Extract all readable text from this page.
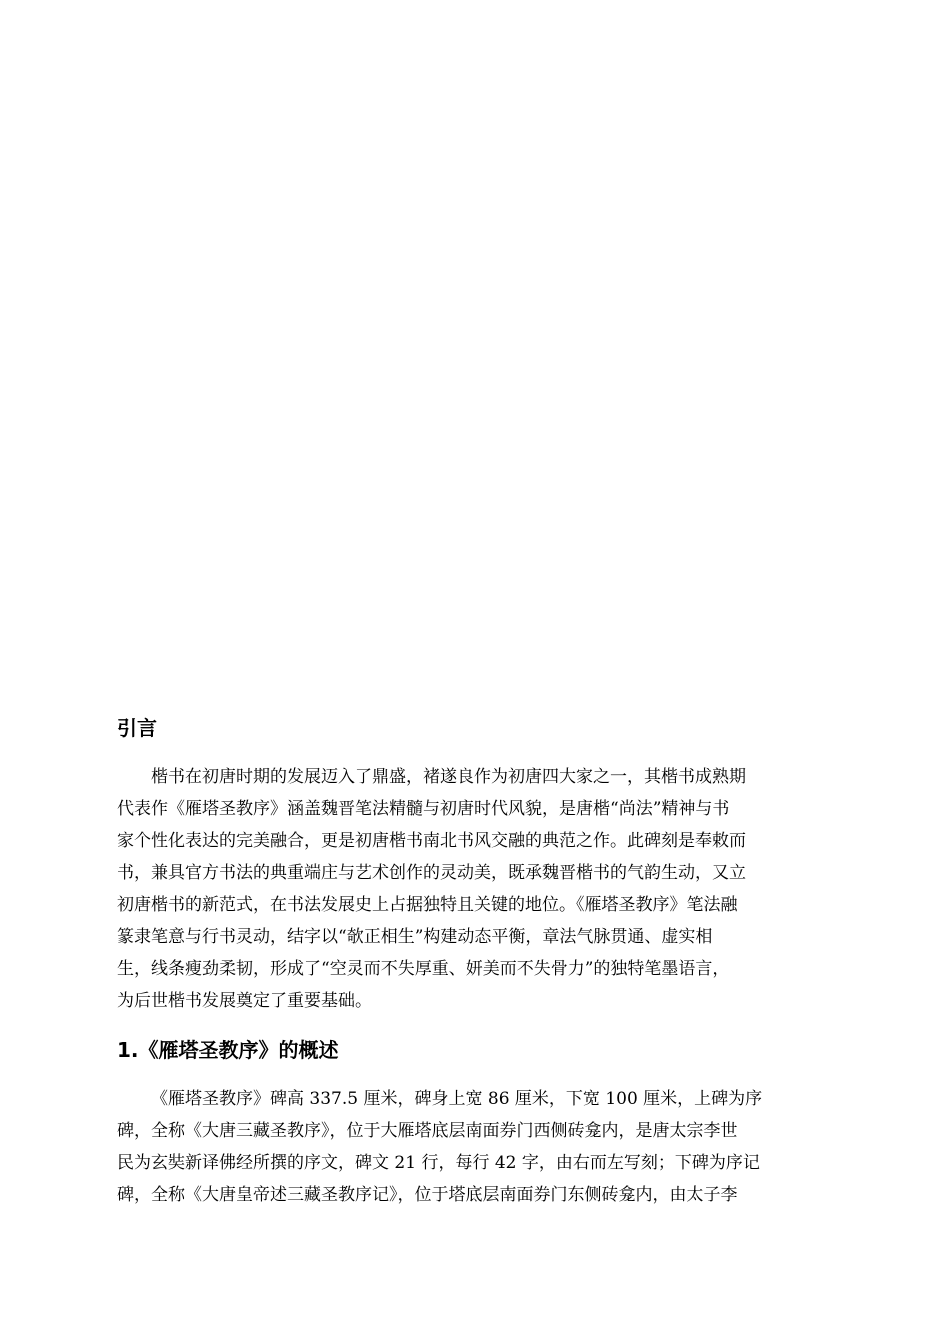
引言
楷书在初唐时期的发展迈入了鼎盛，褚遂良作为初唐四大家之一，其楷书成熟期
代表作《雁塔圣教序》涵盖魏晋笔法精髓与初唐时代风貌，是唐楷“尚法”精神与书
家个性化表达的完美融合，更是初唐楷书南北书风交融的典范之作。此碑刻是奉敕而
书，兼具官方书法的典重端庄与艺术创作的灵动美，既承魏晋楷书的气韵生动，又立
初唐楷书的新范式，在书法发展史上占据独特且关键的地位。《雁塔圣教序》笔法融
篆隶笔意与行书灵动，结字以“欹正相生”构建动态平衡，章法气脉贯通、虚实相
生，线条瘦劲柔韧，形成了“空灵而不失厚重、妍美而不失骨力”的独特笔墨语言，
为后世楷书发展奠定了重要基础。
1.《雁塔圣教序》的概述
《雁塔圣教序》碑高 337.5 厘米，碑身上宽 86 厘米，下宽 100 厘米，上碑为序
碑，全称《大唐三藏圣教序》，位于大雁塔底层南面券门西侧砖龛内，是唐太宗李世
民为玄奘新译佛经所撰的序文，碑文 21 行，每行 42 字，由右而左写刻；下碑为序记
碑，全称《大唐皇帝述三藏圣教序记》，位于塔底层南面券门东侧砖龛内，由太子李
